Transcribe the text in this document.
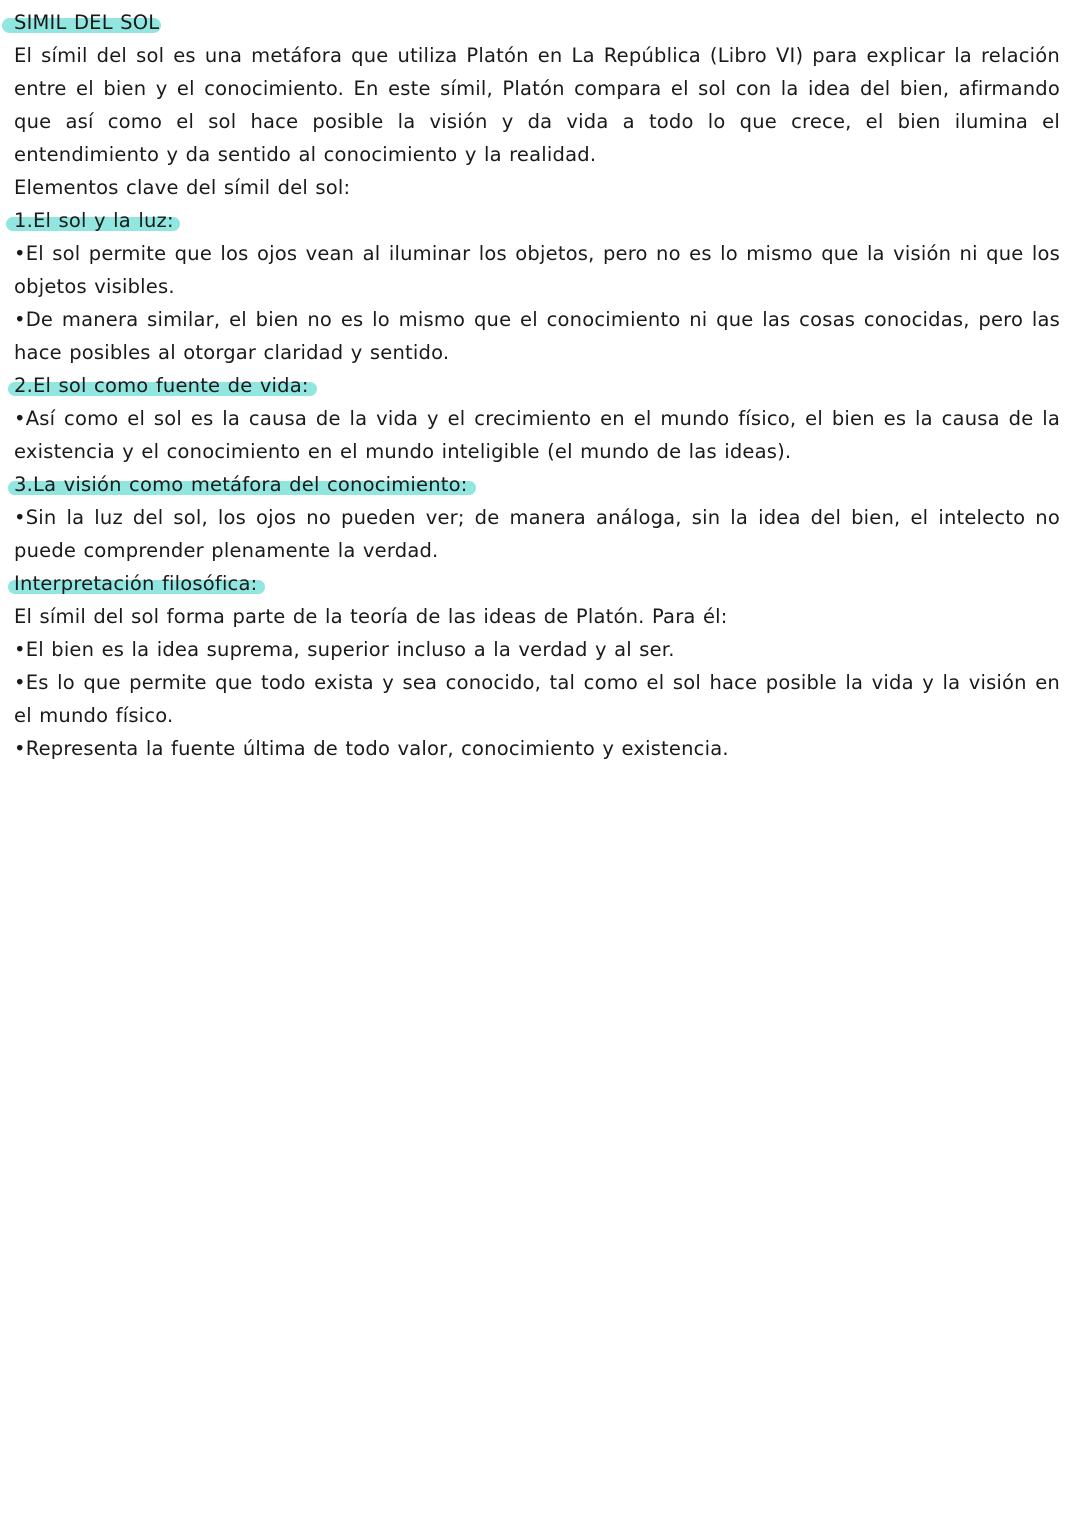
SIMIL DEL SOL

El símil del sol es una metáfora que utiliza Platón en La República (Libro VI) para explicar la relación entre el bien y el conocimiento. En este símil, Platón compara el sol con la idea del bien, afirmando que así como el sol hace posible la visión y da vida a todo lo que crece, el bien ilumina el entendimiento y da sentido al conocimiento y la realidad.

Elementos clave del símil del sol:

1.El sol y la luz:

•El sol permite que los ojos vean al iluminar los objetos, pero no es lo mismo que la visión ni que los objetos visibles.

•De manera similar, el bien no es lo mismo que el conocimiento ni que las cosas conocidas, pero las hace posibles al otorgar claridad y sentido.

2.El sol como fuente de vida:

•Así como el sol es la causa de la vida y el crecimiento en el mundo físico, el bien es la causa de la existencia y el conocimiento en el mundo inteligible (el mundo de las ideas).

3.La visión como metáfora del conocimiento:

•Sin la luz del sol, los ojos no pueden ver; de manera análoga, sin la idea del bien, el intelecto no puede comprender plenamente la verdad.

Interpretación filosófica:

El símil del sol forma parte de la teoría de las ideas de Platón. Para él:

•El bien es la idea suprema, superior incluso a la verdad y al ser.

•Es lo que permite que todo exista y sea conocido, tal como el sol hace posible la vida y la visión en el mundo físico.

•Representa la fuente última de todo valor, conocimiento y existencia.
